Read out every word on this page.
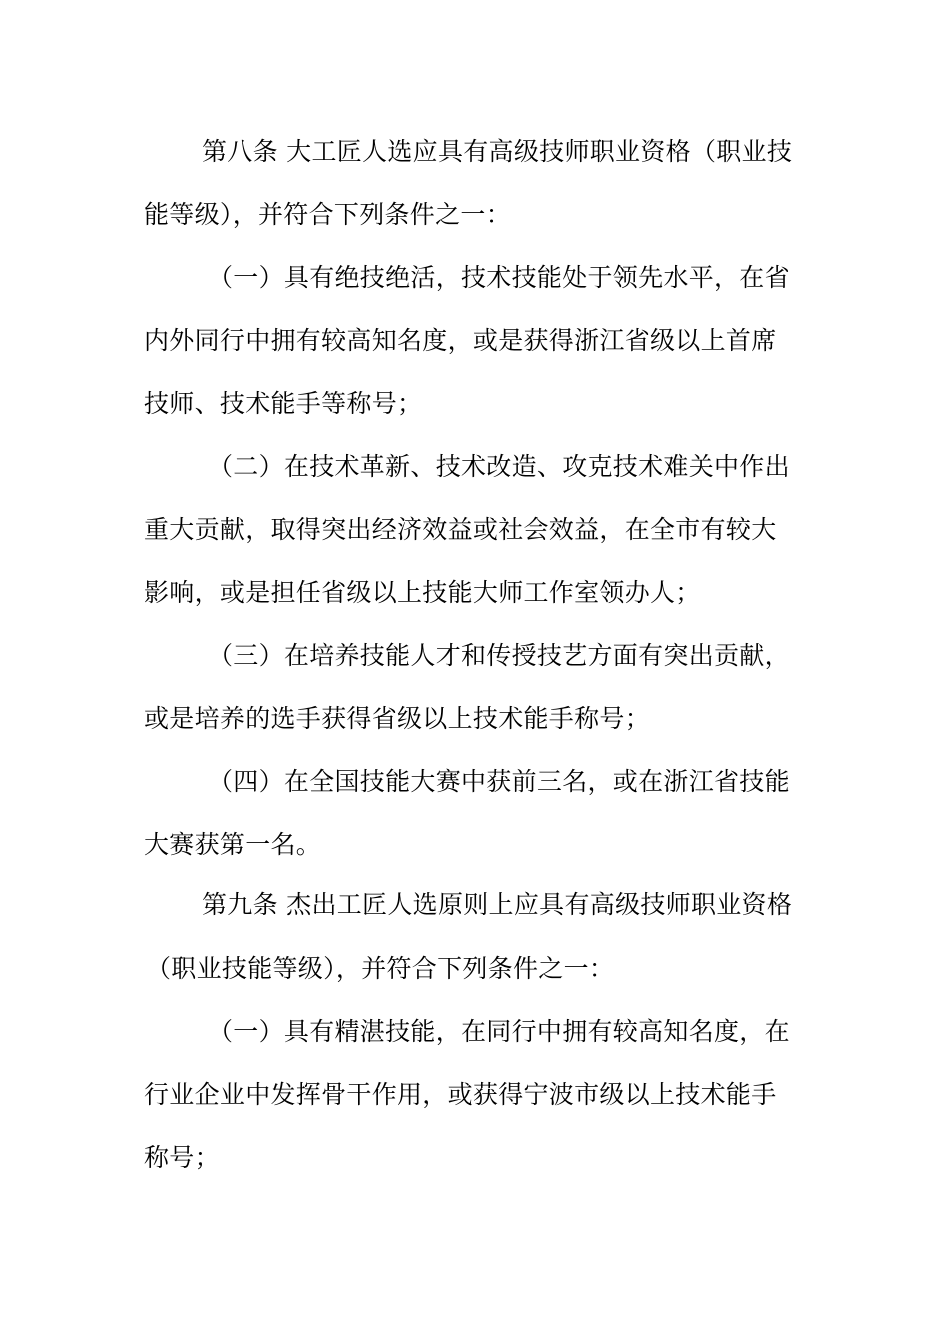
第八条 大工匠人选应具有高级技师职业资格（职业技
能等级），并符合下列条件之一：
（一）具有绝技绝活，技术技能处于领先水平，在省
内外同行中拥有较高知名度，或是获得浙江省级以上首席
技师、技术能手等称号；
（二）在技术革新、技术改造、攻克技术难关中作出
重大贡献，取得突出经济效益或社会效益，在全市有较大
影响，或是担任省级以上技能大师工作室领办人；
（三）在培养技能人才和传授技艺方面有突出贡献，
或是培养的选手获得省级以上技术能手称号；
（四）在全国技能大赛中获前三名，或在浙江省技能
大赛获第一名。
第九条 杰出工匠人选原则上应具有高级技师职业资格
（职业技能等级），并符合下列条件之一：
（一）具有精湛技能，在同行中拥有较高知名度，在
行业企业中发挥骨干作用，或获得宁波市级以上技术能手
称号；
